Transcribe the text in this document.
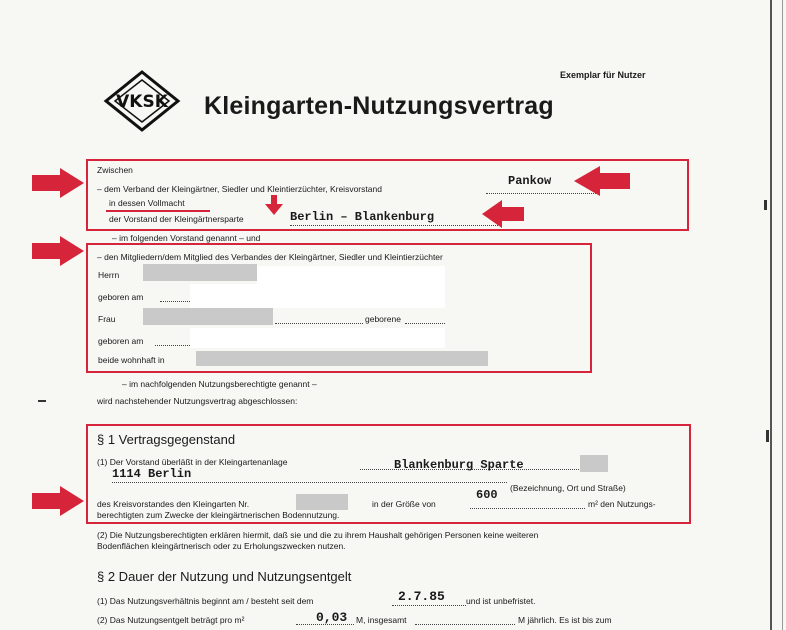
Exemplar für Nutzer
VKSK Kleingarten-Nutzungsvertrag
Zwischen
– dem Verband der Kleingärtner, Siedler und Kleintierzüchter, Kreisvorstand
Pankow
in dessen Vollmacht
der Vorstand der Kleingärtnersparte	Berlin – Blankenburg
– im folgenden Vorstand genannt – und
– den Mitgliedern/dem Mitglied des Verbandes der Kleingärtner, Siedler und Kleintierzüchter
Herrn
geboren am
Frau	geborene
geboren am
beide wohnhaft in
– im nachfolgenden Nutzungsberechtigte genannt –
wird nachstehender Nutzungsvertrag abgeschlossen:
§ 1 Vertragsgegenstand
(1) Der Vorstand überläßt in der Kleingartenanlage	Blankenburg Sparte
1114 Berlin
(Bezeichnung, Ort und Straße)
des Kreisvorstandes den Kleingarten Nr.	in der Größe von
600
m² den Nutzungs-
berechtigten zum Zwecke der kleingärtnerischen Bodennutzung.
(2) Die Nutzungsberechtigten erklären hiermit, daß sie und die zu ihrem Haushalt gehörigen Personen keine weiteren
Bodenflächen kleingärtnerisch oder zu Erholungszwecken nutzen.
§ 2 Dauer der Nutzung und Nutzungsentgelt
(1) Das Nutzungsverhältnis beginnt am / besteht seit dem	2.7.85 und ist unbefristet.
(2) Das Nutzungsentgelt beträgt pro m²	0,03 M, insgesamt	M jährlich. Es ist bis zum
